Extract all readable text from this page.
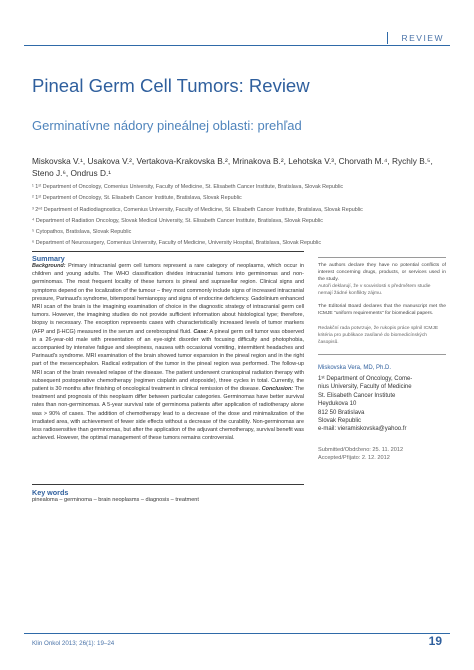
REVIEW
Pineal Germ Cell Tumors: Review
Germinatívne nádory pineálnej oblasti: prehľad
Miskovska V.¹, Usakova V.², Vertakova-Krakovska B.², Mrinakova B.², Lehotska V.³, Chorvath M.⁴, Rychly B.⁵, Steno J.⁶, Ondrus D.¹
¹ 1ˢᵗ Department of Oncology, Comenius University, Faculty of Medicine, St. Elisabeth Cancer Institute, Bratislava, Slovak Republic
² 1ˢᵗ Department of Oncology, St. Elisabeth Cancer Institute, Bratislava, Slovak Republic
³ 2ⁿᵈ Department of Radiodiagnostics, Comenius University, Faculty of Medicine, St. Elisabeth Cancer Institute, Bratislava, Slovak Republic
⁴ Department of Radiation Oncology, Slovak Medical University, St. Elisabeth Cancer Institute, Bratislava, Slovak Republic
⁵ Cytopathos, Bratislava, Slovak Republic
⁶ Department of Neurosurgery, Comenius University, Faculty of Medicine, University Hospital, Bratislava, Slovak Republic
Summary
Background: Primary intracranial germ cell tumors represent a rare category of neoplasms, which occur in children and young adults. The WHO classification divides intracranial tumors into germinomas and non-germinomas. The most frequent locality of these tumors is pineal and suprasellar region. Clinical signs and symptoms depend on the localization of the tumour – they most commonly include signs of increased intracranial pressure, Parinaud's syndrome, bitemporal hemianopsy and signs of endocrine deficiency. Gadolinium enhanced MRI scan of the brain is the imagining examination of choice in the diagnostic strategy of intracranial germ cell tumors. However, the imagining studies do not provide sufficient information about histological type; therefore, biopsy is necessary. The exception represents cases with characteristically increased levels of tumor markers (AFP and β-HCG) measured in the serum and cerebrospinal fluid. Case: A pineal germ cell tumor was observed in a 26-year-old male with presentation of an eye-sight disorder with focusing difficulty and photophobia, accompanied by intensive fatigue and sleepiness, nausea with occasional vomiting, intermittent headaches and Parinaud's syndrome. MRI examination of the brain showed tumor expansion in the pineal region and in the right part of the mesencephalon. Radical extirpation of the tumor in the pineal region was performed. The follow-up MRI scan of the brain revealed relapse of the disease. The patient underwent craniospinal radiation therapy with subsequent postoperative chemotherapy (regimen cisplatin and etoposide), three cycles in total. Currently, the patient is 30 months after finishing of oncological treatment in clinical remission of the disease. Conclusion: The treatment and prognosis of this neoplasm differ between particular categories. Germinomas have better survival rates than non-germinomas. A 5-year survival rate of germinoma patients after application of radiotherapy alone was > 90% of cases. The addition of chemotherapy lead to a decrease of the dose and minimalization of the irradiated area, with achievement of fewer side effects without a decrease of the curability. Non-germinomas are less radiosensitive than germinomas, but after the application of the adjuvant chemotherapy, survival benefit was achieved. However, the optimal management of these tumors remains controversial.
Key words
pinealoma – germinoma – brain neoplasms – diagnosis – treatment
The authors declare they have no potential conflicts of interest concerning drugs, products, or services used in the study.
Autoři deklarují, že v souvislosti s předmětem studie nemají žádné konflikty zájmu.
The Editorial Board declares that the manuscript met the ICMJE "uniform requirements" for biomedical papers.
Redakční rada potvrzuje, že rukopis práce splnil ICMJE kritéria pro publikace zasílané do biomedicínských časopisů.
Miskovska Vera, MD, Ph.D.
1ˢᵗ Department of Oncology, Come-
nius University, Faculty of Medicine
St. Elisabeth Cancer Institute
Heydukova 10
812 50 Bratislava
Slovak Republic
e-mail: vieramiskovska@yahoo.fr
Submitted/Obdrženo: 25. 11. 2012
Accepted/Přijato: 2. 12. 2012
Klin Onkol 2013; 26(1): 19–24	19
